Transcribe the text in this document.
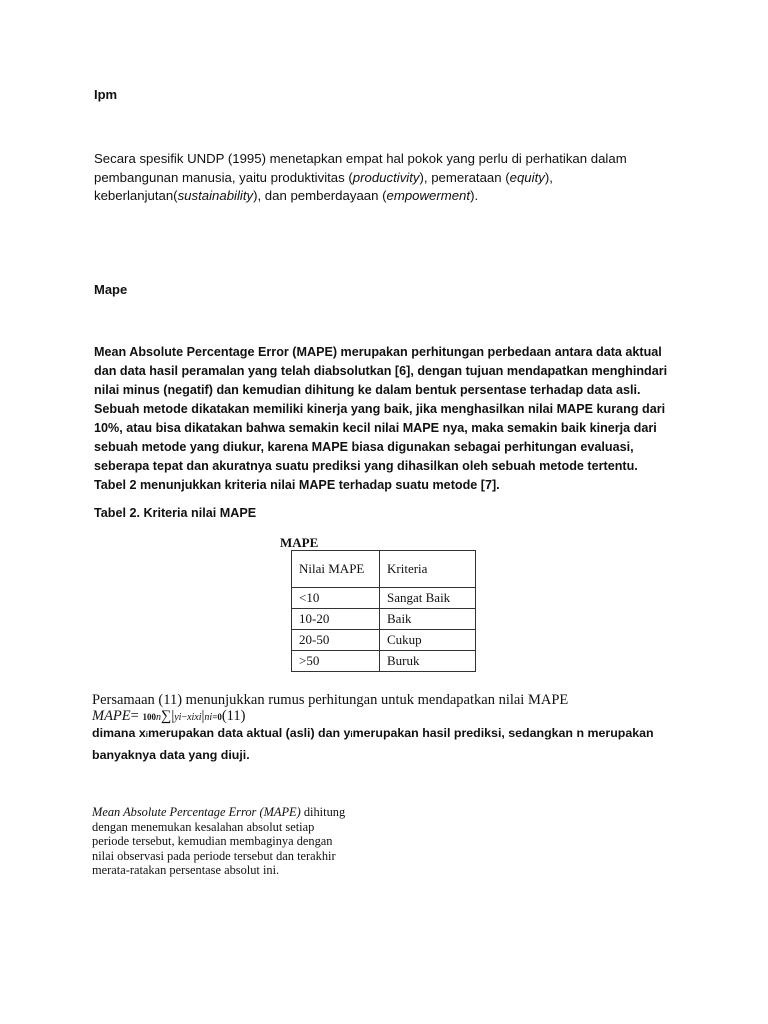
Ipm
Secara spesifik UNDP (1995) menetapkan empat hal pokok yang perlu di perhatikan dalam pembangunan manusia, yaitu produktivitas (productivity), pemerataan (equity), keberlanjutan(sustainability), dan pemberdayaan (empowerment).
Mape
Mean Absolute Percentage Error (MAPE) merupakan perhitungan perbedaan antara data aktual dan data hasil peramalan yang telah diabsolutkan [6], dengan tujuan mendapatkan menghindari nilai minus (negatif) dan kemudian dihitung ke dalam bentuk persentase terhadap data asli. Sebuah metode dikatakan memiliki kinerja yang baik, jika menghasilkan nilai MAPE kurang dari 10%, atau bisa dikatakan bahwa semakin kecil nilai MAPE nya, maka semakin baik kinerja dari sebuah metode yang diukur, karena MAPE biasa digunakan sebagai perhitungan evaluasi, seberapa tepat dan akuratnya suatu prediksi yang dihasilkan oleh sebuah metode tertentu. Tabel 2 menunjukkan kriteria nilai MAPE terhadap suatu metode [7].
Tabel 2. Kriteria nilai MAPE
MAPE
Nilai MAPE	Kriteria
<10	Sangat Baik
10-20	Baik
20-50	Cukup
>50	Buruk
Persamaan (11) menunjukkan rumus perhitungan untuk mendapatkan nilai MAPE
MAPE= 100n∑|yi−xixi|ni=0(11)
dimana ximerupakan data aktual (asli) dan yimerupakan hasil prediksi, sedangkan n merupakan
banyaknya data yang diuji.
Mean Absolute Percentage Error (MAPE) dihitung dengan menemukan kesalahan absolut setiap periode tersebut, kemudian membaginya dengan nilai observasi pada periode tersebut dan terakhir merata-ratakan persentase absolut ini.
